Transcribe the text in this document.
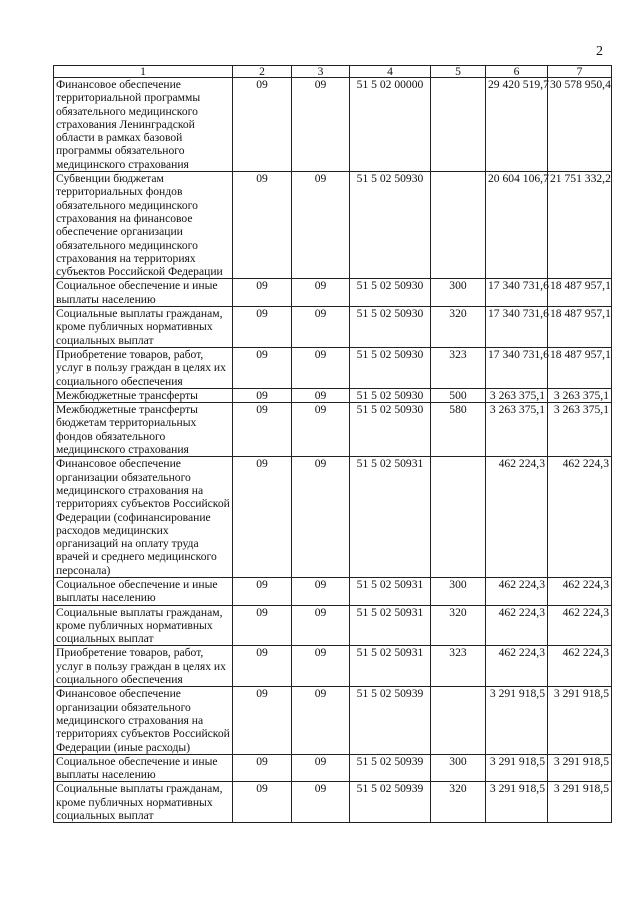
2
1	2	3	4	5	6	7
Финансовое обеспечение территориальной программы обязательного медицинского страхования Ленинградской области в рамках базовой программы обязательного медицинского страхования	09	09	51 5 02 00000		29 420 519,7	30 578 950,4
Субвенции бюджетам территориальных фондов обязательного медицинского страхования на финансовое обеспечение организации обязательного медицинского страхования на территориях субъектов Российской Федерации	09	09	51 5 02 50930		20 604 106,7	21 751 332,2
Социальное обеспечение и иные выплаты населению	09	09	51 5 02 50930	300	17 340 731,6	18 487 957,1
Социальные выплаты гражданам, кроме публичных нормативных социальных выплат	09	09	51 5 02 50930	320	17 340 731,6	18 487 957,1
Приобретение товаров, работ, услуг в пользу граждан в целях их социального обеспечения	09	09	51 5 02 50930	323	17 340 731,6	18 487 957,1
Межбюджетные трансферты	09	09	51 5 02 50930	500	3 263 375,1	3 263 375,1
Межбюджетные трансферты бюджетам территориальных фондов обязательного медицинского страхования	09	09	51 5 02 50930	580	3 263 375,1	3 263 375,1
Финансовое обеспечение организации обязательного медицинского страхования на территориях субъектов Российской Федерации (софинансирование расходов медицинских организаций на оплату труда врачей и среднего медицинского персонала)	09	09	51 5 02 50931		462 224,3	462 224,3
Социальное обеспечение и иные выплаты населению	09	09	51 5 02 50931	300	462 224,3	462 224,3
Социальные выплаты гражданам, кроме публичных нормативных социальных выплат	09	09	51 5 02 50931	320	462 224,3	462 224,3
Приобретение товаров, работ, услуг в пользу граждан в целях их социального обеспечения	09	09	51 5 02 50931	323	462 224,3	462 224,3
Финансовое обеспечение организации обязательного медицинского страхования на территориях субъектов Российской Федерации (иные расходы)	09	09	51 5 02 50939		3 291 918,5	3 291 918,5
Социальное обеспечение и иные выплаты населению	09	09	51 5 02 50939	300	3 291 918,5	3 291 918,5
Социальные выплаты гражданам, кроме публичных нормативных социальных выплат	09	09	51 5 02 50939	320	3 291 918,5	3 291 918,5
